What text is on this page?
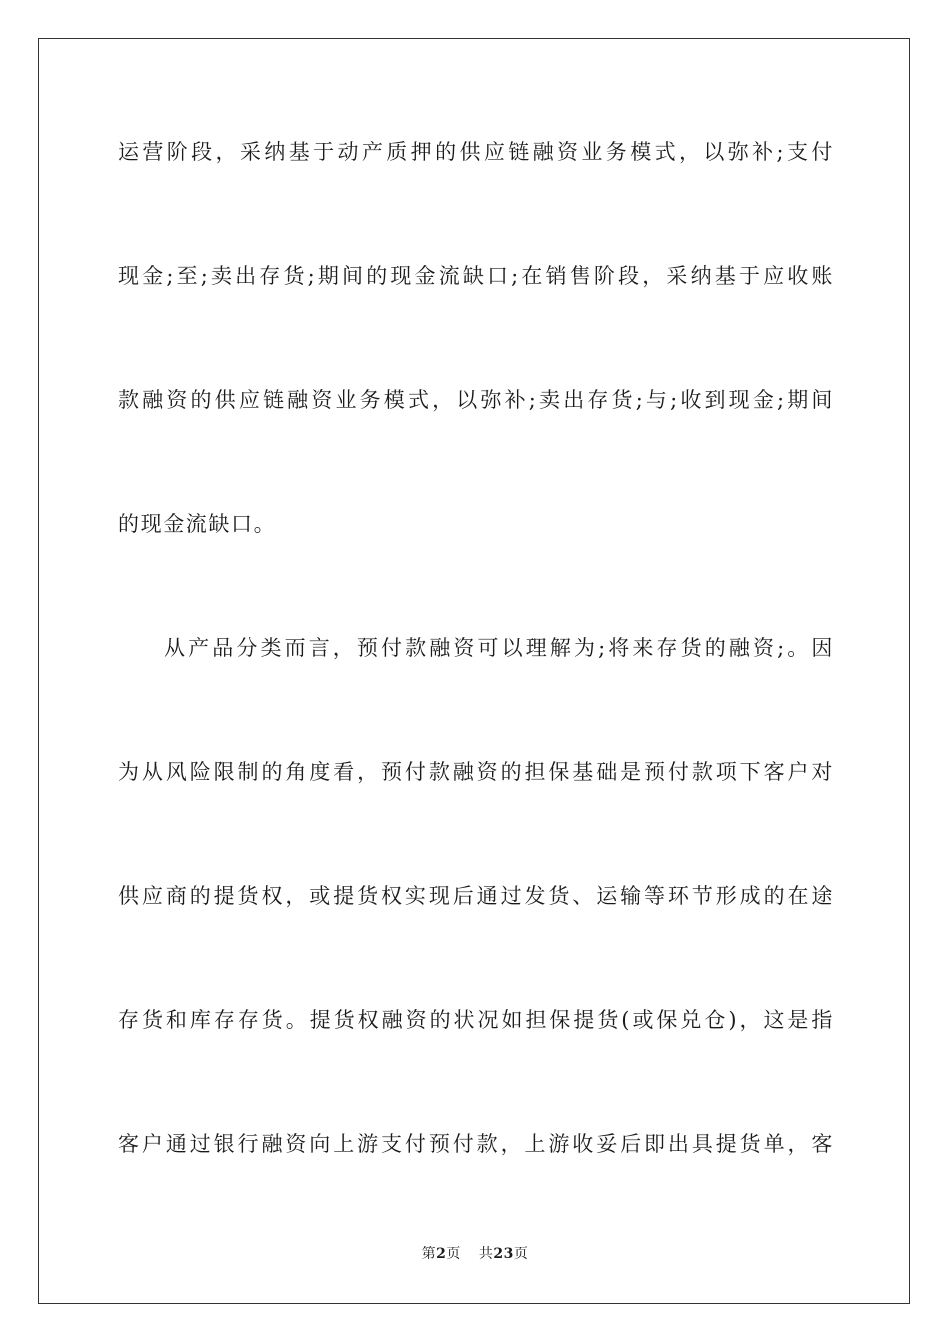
运营阶段，采纳基于动产质押的供应链融资业务模式，以弥补;支付
现金;至;卖出存货;期间的现金流缺口;在销售阶段，采纳基于应收账
款融资的供应链融资业务模式，以弥补;卖出存货;与;收到现金;期间
的现金流缺口。
从产品分类而言，预付款融资可以理解为;将来存货的融资;。因
为从风险限制的角度看，预付款融资的担保基础是预付款项下客户对
供应商的提货权，或提货权实现后通过发货、运输等环节形成的在途
存货和库存存货。提货权融资的状况如担保提货(或保兑仓)，这是指
客户通过银行融资向上游支付预付款，上游收妥后即出具提货单，客
第2页 共23页
